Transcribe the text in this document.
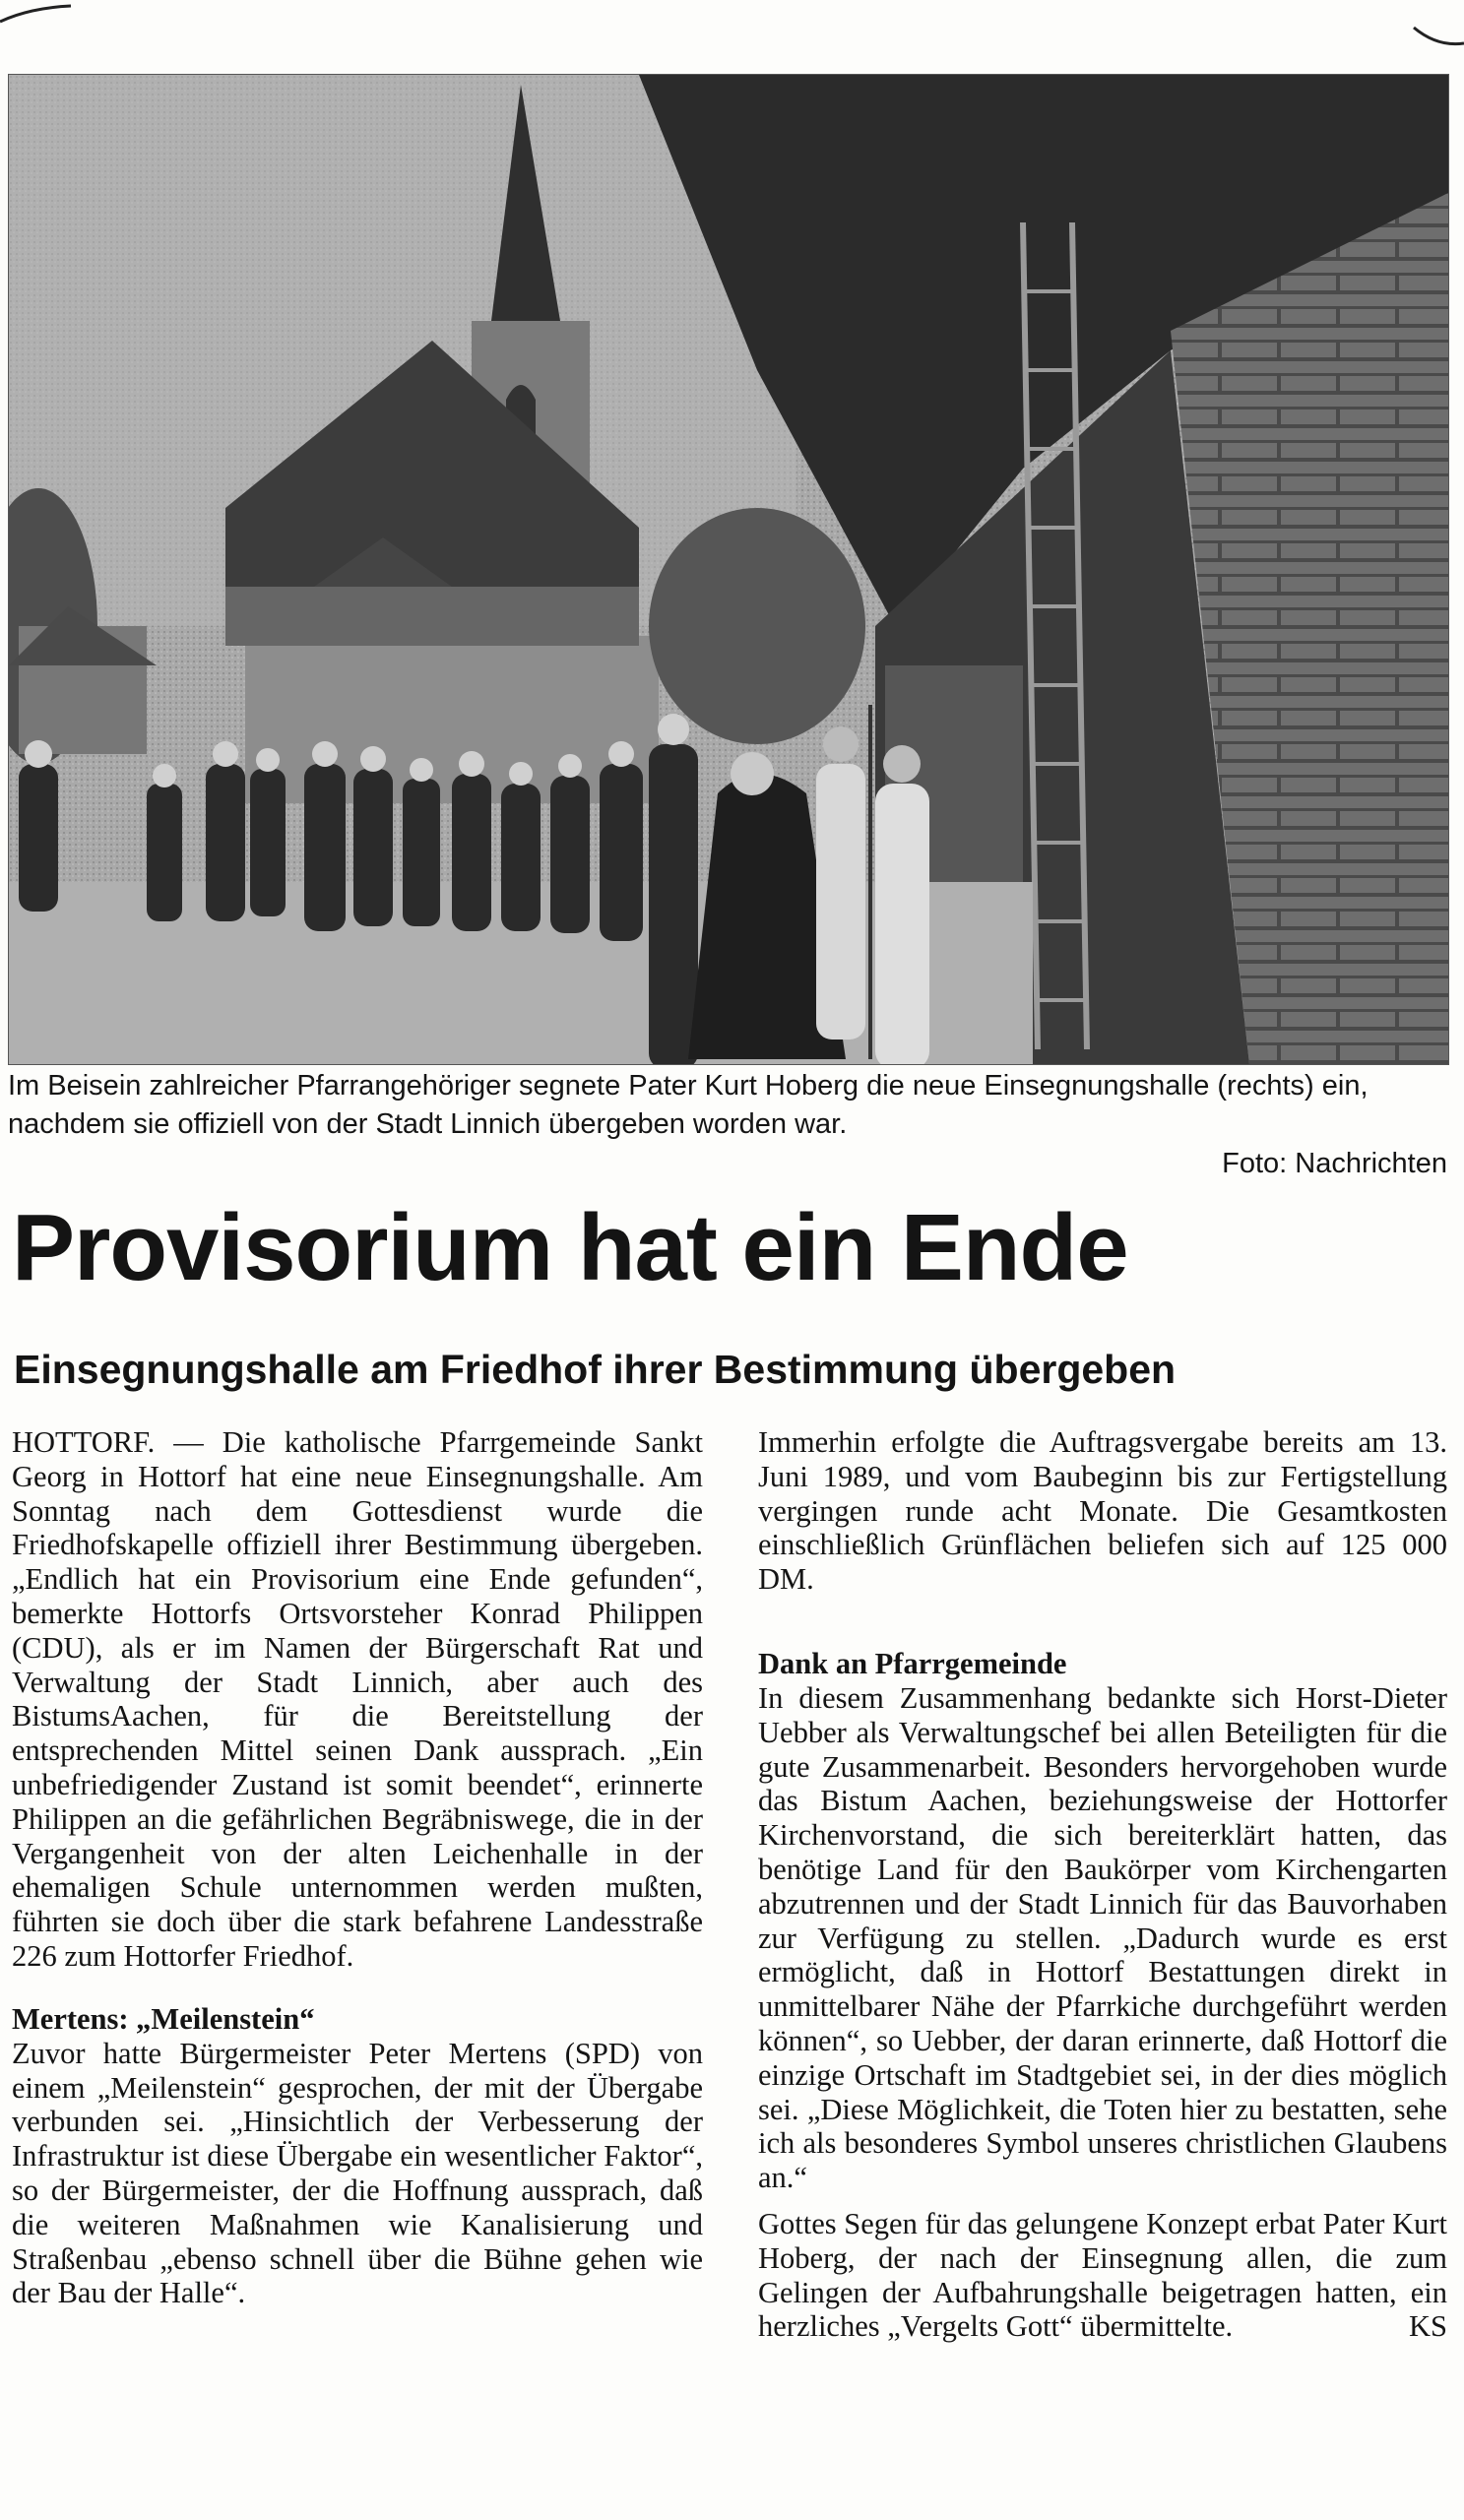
Im Beisein zahlreicher Pfarrangehöriger segnete Pater Kurt Hoberg die neue Einsegnungshalle (rechts) ein, nachdem sie offiziell von der Stadt Linnich übergeben worden war.
Foto: Nachrichten
Provisorium hat ein Ende
Einsegnungshalle am Friedhof ihrer Bestimmung übergeben

HOTTORF. — Die katholische Pfarrgemeinde Sankt Georg in Hottorf hat eine neue Einsegnungshalle. Am Sonntag nach dem Gottesdienst wurde die Friedhofskapelle offiziell ihrer Bestimmung übergeben. „Endlich hat ein Provisorium eine Ende gefunden“, bemerkte Hottorfs Ortsvorsteher Konrad Philippen (CDU), als er im Namen der Bürgerschaft Rat und Verwaltung der Stadt Linnich, aber auch des BistumsAachen, für die Bereitstellung der entsprechenden Mittel seinen Dank aussprach. „Ein unbefriedigender Zustand ist somit beendet“, erinnerte Philippen an die gefährlichen Begräbniswege, die in der Vergangenheit von der alten Leichenhalle in der ehemaligen Schule unternommen werden mußten, führten sie doch über die stark befahrene Landesstraße 226 zum Hottorfer Friedhof.

Mertens: „Meilenstein“

Zuvor hatte Bürgermeister Peter Mertens (SPD) von einem „Meilenstein“ gesprochen, der mit der Übergabe verbunden sei. „Hinsichtlich der Verbesserung der Infrastruktur ist diese Übergabe ein wesentlicher Faktor“, so der Bürgermeister, der die Hoffnung aussprach, daß die weiteren Maßnahmen wie Kanalisierung und Straßenbau „ebenso schnell über die Bühne gehen wie der Bau der Halle“.

Immerhin erfolgte die Auftragsvergabe bereits am 13. Juni 1989, und vom Baubeginn bis zur Fertigstellung vergingen runde acht Monate. Die Gesamtkosten einschließlich Grünflächen beliefen sich auf 125 000 DM.

Dank an Pfarrgemeinde

In diesem Zusammenhang bedankte sich Horst-Dieter Uebber als Verwaltungschef bei allen Beteiligten für die gute Zusammenarbeit. Besonders hervorgehoben wurde das Bistum Aachen, beziehungsweise der Hottorfer Kirchenvorstand, die sich bereiterklärt hatten, das benötige Land für den Baukörper vom Kirchengarten abzutrennen und der Stadt Linnich für das Bauvorhaben zur Verfügung zu stellen. „Dadurch wurde es erst ermöglicht, daß in Hottorf Bestattungen direkt in unmittelbarer Nähe der Pfarrkiche durchgeführt werden können“, so Uebber, der daran erinnerte, daß Hottorf die einzige Ortschaft im Stadtgebiet sei, in der dies möglich sei. „Diese Möglichkeit, die Toten hier zu bestatten, sehe ich als besonderes Symbol unseres christlichen Glaubens an.“

Gottes Segen für das gelungene Konzept erbat Pater Kurt Hoberg, der nach der Einsegnung allen, die zum Gelingen der Aufbahrungshalle beigetragen hatten, ein herzliches „Vergelts Gott“ übermittelte.	KS
